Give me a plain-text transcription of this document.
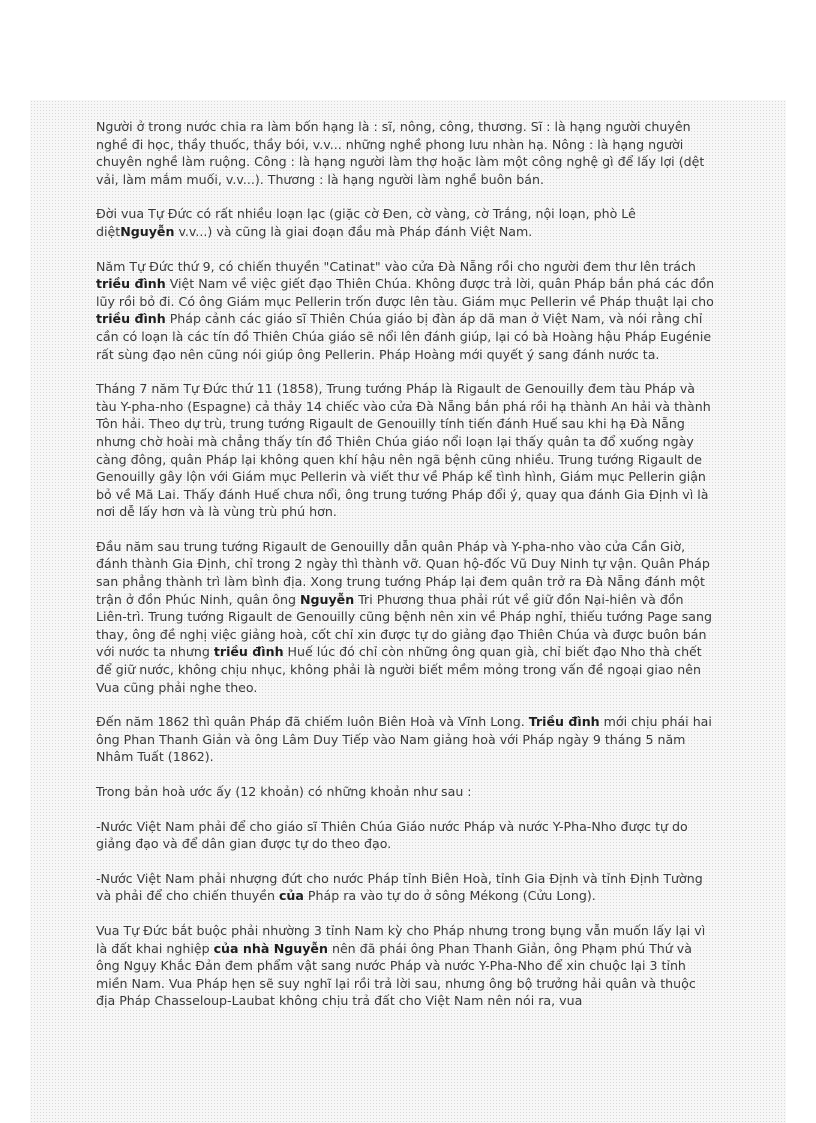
Người ở trong nước chia ra làm bốn hạng là : sĩ, nông, công, thương. Sĩ : là hạng người chuyên nghề đi học, thầy thuốc, thầy bói, v.v... những nghề phong lưu nhàn hạ. Nông : là hạng người chuyên nghề làm ruộng. Công : là hạng người làm thợ hoặc làm một công nghệ gì để lấy lợi (dệt vải, làm mắm muối, v.v...). Thương : là hạng người làm nghề buôn bán.

Đời vua Tự Đức có rất nhiều loạn lạc (giặc cờ Đen, cờ vàng, cờ Trắng, nội loạn, phò Lê diệtNguyễn v.v...) và cũng là giai đoạn đầu mà Pháp đánh Việt Nam.

Năm Tự Đức thứ 9, có chiến thuyền "Catinat" vào cửa Đà Nẵng rồi cho người đem thư lên trách triều đình Việt Nam về việc giết đạo Thiên Chúa. Không được trả lời, quân Pháp bắn phá các đồn lũy rồi bỏ đi. Có ông Giám mục Pellerin trốn được lên tàu. Giám mục Pellerin về Pháp thuật lại cho triều đình Pháp cảnh các giáo sĩ Thiên Chúa giáo bị đàn áp dã man ở Việt Nam, và nói rằng chỉ cần có loạn là các tín đồ Thiên Chúa giáo sẽ nổi lên đánh giúp, lại có bà Hoàng hậu Pháp Eugénie rất sùng đạo nên cũng nói giúp ông Pellerin. Pháp Hoàng mới quyết ý sang đánh nước ta.

Tháng 7 năm Tự Đức thứ 11 (1858), Trung tướng Pháp là Rigault de Genouilly đem tàu Pháp và tàu Y-pha-nho (Espagne) cả thảy 14 chiếc vào cửa Đà Nẵng bắn phá rồi hạ thành An hải và thành Tôn hải. Theo dự trù, trung tướng Rigault de Genouilly tính tiến đánh Huế sau khi hạ Đà Nẵng nhưng chờ hoài mà chẳng thấy tín đồ Thiên Chúa giáo nổi loạn lại thấy quân ta đổ xuống ngày càng đông, quân Pháp lại không quen khí hậu nên ngã bệnh cũng nhiều. Trung tướng Rigault de Genouilly gây lộn với Giám mục Pellerin và viết thư về Pháp kể tình hình, Giám mục Pellerin giận bỏ về Mã Lai. Thấy đánh Huế chưa nổi, ông trung tướng Pháp đổi ý, quay qua đánh Gia Định vì là nơi dễ lấy hơn và là vùng trù phú hơn.

Đầu năm sau trung tướng Rigault de Genouilly dẫn quân Pháp và Y-pha-nho vào cửa Cần Giờ, đánh thành Gia Định, chỉ trong 2 ngày thì thành vỡ. Quan hộ-đốc Vũ Duy Ninh tự vận. Quân Pháp san phẳng thành trì làm bình địa. Xong trung tướng Pháp lại đem quân trở ra Đà Nẵng đánh một trận ở đồn Phúc Ninh, quân ông Nguyễn Tri Phương thua phải rút về giữ đồn Nại-hiên và đồn Liên-trì. Trung tướng Rigault de Genouilly cũng bệnh nên xin về Pháp nghỉ, thiếu tướng Page sang thay, ông đề nghị việc giảng hoà, cốt chỉ xin được tự do giảng đạo Thiên Chúa và được buôn bán với nước ta nhưng triều đình Huế lúc đó chỉ còn những ông quan già, chỉ biết đạo Nho thà chết để giữ nước, không chịu nhục, không phải là người biết mềm mỏng trong vấn đề ngoại giao nên Vua cũng phải nghe theo.

Đến năm 1862 thì quân Pháp đã chiếm luôn Biên Hoà và Vĩnh Long. Triều đình mới chịu phái hai ông Phan Thanh Giản và ông Lâm Duy Tiếp vào Nam giảng hoà với Pháp ngày 9 tháng 5 năm Nhâm Tuất (1862).

Trong bản hoà ước ấy (12 khoản) có những khoản như sau :

-Nước Việt Nam phải để cho giáo sĩ Thiên Chúa Giáo nước Pháp và nước Y-Pha-Nho được tự do giảng đạo và để dân gian được tự do theo đạo.

-Nước Việt Nam phải nhượng đứt cho nước Pháp tỉnh Biên Hoà, tỉnh Gia Định và tỉnh Định Tường và phải để cho chiến thuyền của Pháp ra vào tự do ở sông Mékong (Cửu Long).

Vua Tự Đức bắt buộc phải nhường 3 tỉnh Nam kỳ cho Pháp nhưng trong bụng vẫn muốn lấy lại vì là đất khai nghiệp của nhà Nguyễn nên đã phái ông Phan Thanh Giản, ông Phạm phú Thứ và ông Ngụy Khắc Đản đem phẩm vật sang nước Pháp và nước Y-Pha-Nho để xin chuộc lại 3 tỉnh miền Nam. Vua Pháp hẹn sẽ suy nghĩ lại rồi trả lời sau, nhưng ông bộ trưởng hải quân và thuộc địa Pháp Chasseloup-Laubat không chịu trả đất cho Việt Nam nên nói ra, vua
